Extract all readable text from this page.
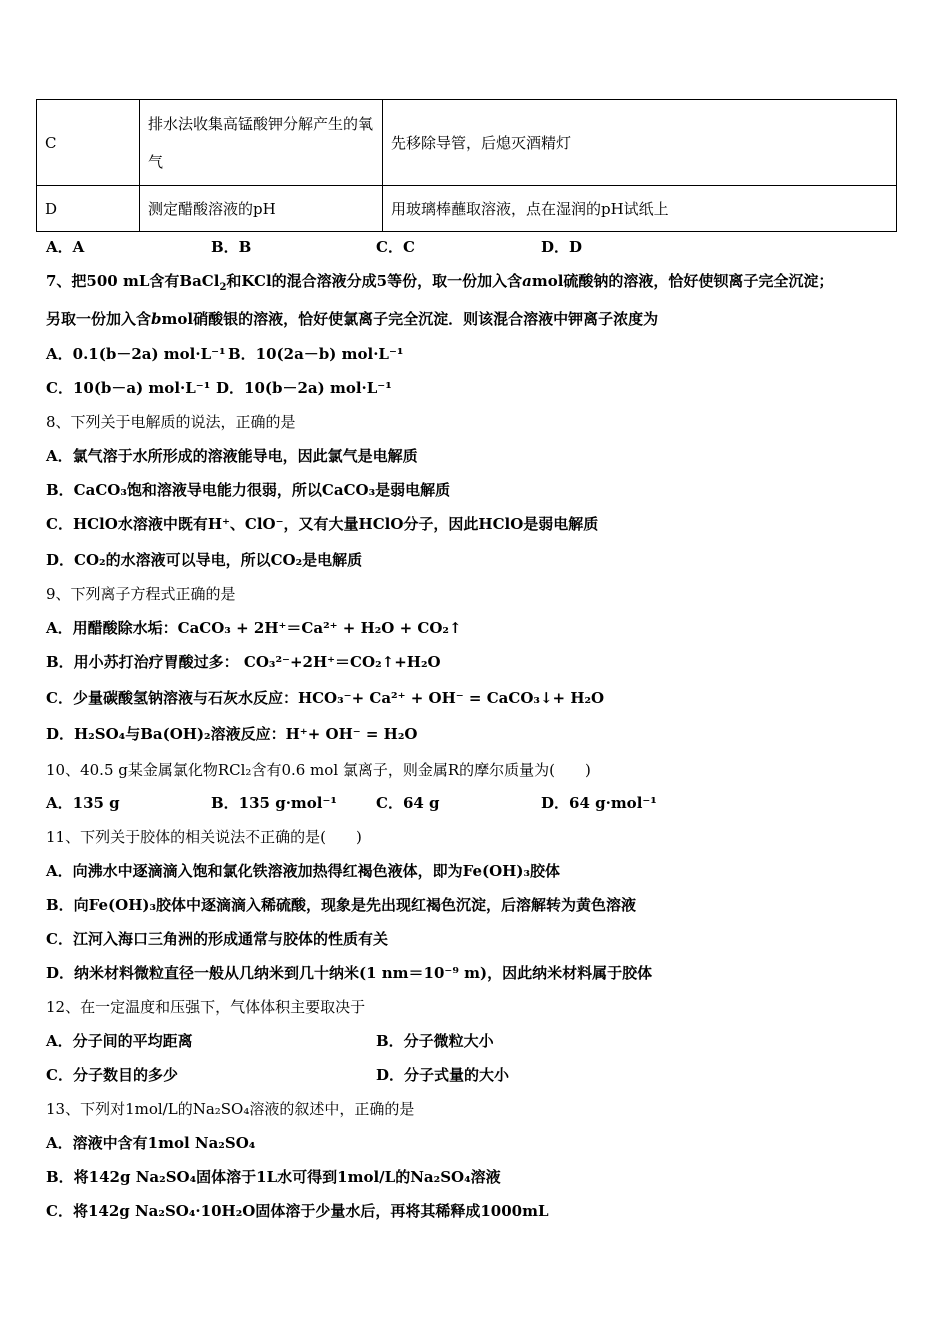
C	排水法收集高锰酸钾分解产生的氧气	先移除导管，后熄灭酒精灯
D	测定醋酸溶液的pH	用玻璃棒蘸取溶液，点在湿润的pH试纸上
A．A	B．B	C．C	D．D
7、把500 mL含有BaCl$_2$和KCl的混合溶液分成5等份，取一份加入含amol硫酸钠的溶液，恰好使钡离子完全沉淀；
另取一份加入含bmol硝酸银的溶液，恰好使氯离子完全沉淀．则该混合溶液中钾离子浓度为
A．0.1(b－2a) mol·L⁻¹ B．10(2a－b) mol·L⁻¹
C．10(b－a) mol·L⁻¹ D．10(b－2a) mol·L⁻¹
8、下列关于电解质的说法，正确的是
A．氯气溶于水所形成的溶液能导电，因此氯气是电解质
B．CaCO₃饱和溶液导电能力很弱，所以CaCO₃是弱电解质
C．HClO水溶液中既有H⁺、ClO⁻，又有大量HClO分子，因此HClO是弱电解质
D．CO₂的水溶液可以导电，所以CO₂是电解质
9、下列离子方程式正确的是
A．用醋酸除水垢：CaCO₃ + 2H⁺＝Ca²⁺ + H₂O + CO₂↑
B．用小苏打治疗胃酸过多： CO₃²⁻+2H⁺＝CO₂↑+H₂O
C．少量碳酸氢钠溶液与石灰水反应：HCO₃⁻+ Ca²⁺ + OH⁻ = CaCO₃↓+ H₂O
D．H₂SO₄与Ba(OH)₂溶液反应：H⁺+ OH⁻ = H₂O
10、40.5 g某金属氯化物RCl₂含有0.6 mol 氯离子，则金属R的摩尔质量为(　　)
A．135 g	B．135 g·mol⁻¹	C．64 g	D．64 g·mol⁻¹
11、下列关于胶体的相关说法不正确的是(　　)
A．向沸水中逐滴滴入饱和氯化铁溶液加热得红褐色液体，即为Fe(OH)₃胶体
B．向Fe(OH)₃胶体中逐滴滴入稀硫酸，现象是先出现红褐色沉淀，后溶解转为黄色溶液
C．江河入海口三角洲的形成通常与胶体的性质有关
D．纳米材料微粒直径一般从几纳米到几十纳米(1 nm＝10⁻⁹ m)，因此纳米材料属于胶体
12、在一定温度和压强下，气体体积主要取决于
A．分子间的平均距离	B．分子微粒大小
C．分子数目的多少	D．分子式量的大小
13、下列对1mol/L的Na₂SO₄溶液的叙述中，正确的是
A．溶液中含有1mol Na₂SO₄
B．将142g Na₂SO₄固体溶于1L水可得到1mol/L的Na₂SO₄溶液
C．将142g Na₂SO₄·10H₂O固体溶于少量水后，再将其稀释成1000mL
